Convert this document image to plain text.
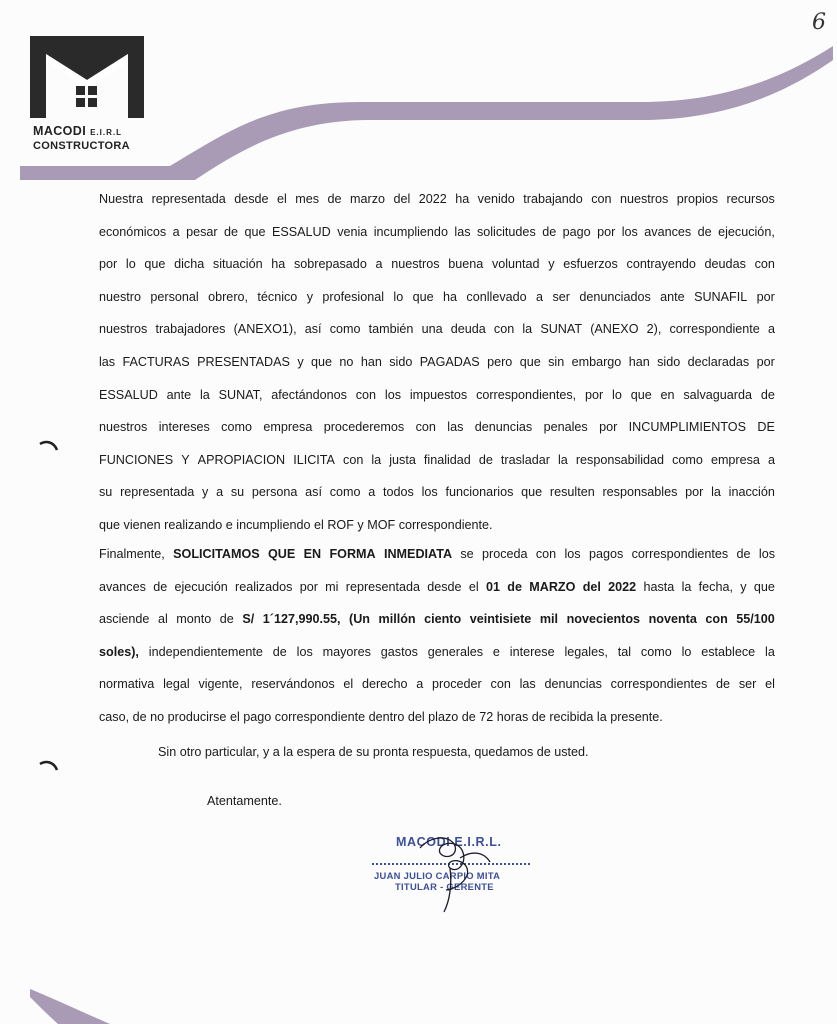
MACODI E.I.R.L
CONSTRUCTORA
6
Nuestra representada desde el mes de marzo del 2022 ha venido trabajando con nuestros propios recursos
económicos a pesar de que ESSALUD venia incumpliendo las solicitudes de pago por los avances de ejecución,
por lo que dicha situación ha sobrepasado a nuestros buena voluntad y esfuerzos contrayendo deudas con
nuestro personal obrero, técnico y profesional lo que ha conllevado a ser denunciados ante SUNAFIL por
nuestros trabajadores (ANEXO1), así como también una deuda con la SUNAT (ANEXO 2), correspondiente a
las FACTURAS PRESENTADAS y que no han sido PAGADAS pero que sin embargo han sido declaradas por
ESSALUD ante la SUNAT, afectándonos con los impuestos correspondientes, por lo que en salvaguarda de
nuestros intereses como empresa procederemos con las denuncias penales por INCUMPLIMIENTOS DE
FUNCIONES Y APROPIACION ILICITA con la justa finalidad de trasladar la responsabilidad como empresa a
su representada y a su persona así como a todos los funcionarios que resulten responsables por la inacción
que vienen realizando e incumpliendo el ROF y MOF correspondiente.
Finalmente, SOLICITAMOS QUE EN FORMA INMEDIATA se proceda con los pagos correspondientes de los
avances de ejecución realizados por mi representada desde el 01 de MARZO del 2022 hasta la fecha, y que
asciende al monto de S/ 1´127,990.55, (Un millón ciento veintisiete mil novecientos noventa con 55/100
soles), independientemente de los mayores gastos generales e interese legales, tal como lo establece la
normativa legal vigente, reservándonos el derecho a proceder con las denuncias correspondientes de ser el
caso, de no producirse el pago correspondiente dentro del plazo de 72 horas de recibida la presente.
Sin otro particular, y a la espera de su pronta respuesta, quedamos de usted.
Atentamente.
MACODI E.I.R.L.
JUAN JULIO CARPIO MITA
TITULAR - GERENTE
